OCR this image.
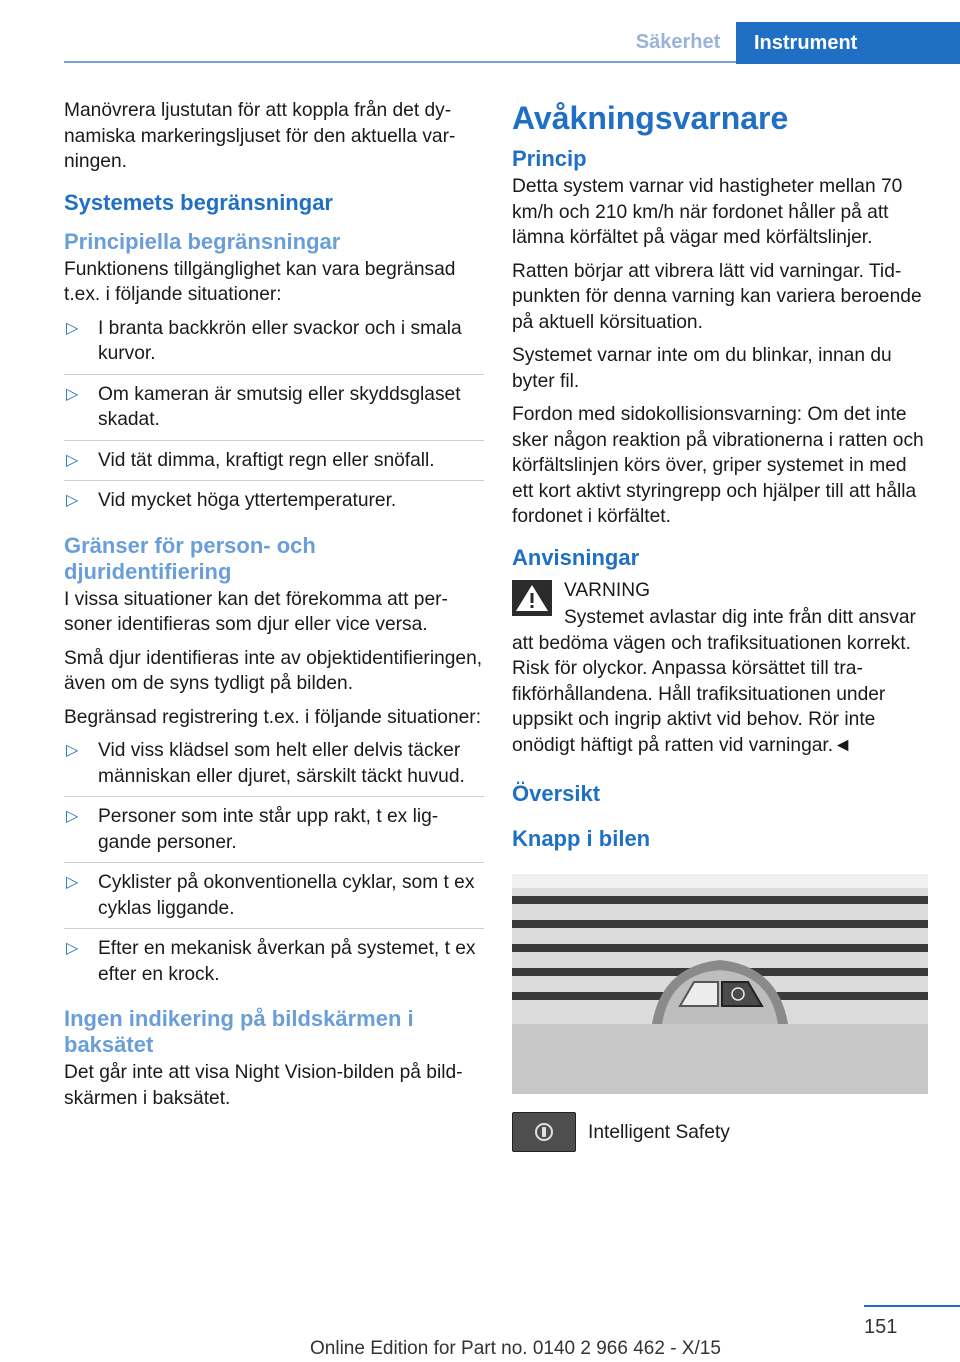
Säkerhet	Instrument

Manövrera ljustutan för att koppla från det dynamiska markeringsljuset för den aktuella varningen.

Systemets begränsningar
Principiella begränsningar

Funktionens tillgänglighet kan vara begränsad t.ex. i följande situationer:

▷ I branta backkrön eller svackor och i smala kurvor.
▷ Om kameran är smutsig eller skyddsglaset skadat.
▷ Vid tät dimma, kraftigt regn eller snöfall.
▷ Vid mycket höga yttertemperaturer.
Gränser för person- och djuridentifiering

I vissa situationer kan det förekomma att personer identifieras som djur eller vice versa.

Små djur identifieras inte av objektidentifieringen, även om de syns tydligt på bilden.

Begränsad registrering t.ex. i följande situationer:

▷ Vid viss klädsel som helt eller delvis täcker människan eller djuret, särskilt täckt huvud.
▷ Personer som inte står upp rakt, t ex liggande personer.
▷ Cyklister på okonventionella cyklar, som t ex cyklas liggande.
▷ Efter en mekanisk åverkan på systemet, t ex efter en krock.
Ingen indikering på bildskärmen i baksätet

Det går inte att visa Night Vision-bilden på bildskärmen i baksätet.

Avåkningsvarnare
Princip

Detta system varnar vid hastigheter mellan 70 km/h och 210 km/h när fordonet håller på att lämna körfältet på vägar med körfältslinjer.

Ratten börjar att vibrera lätt vid varningar. Tidpunkten för denna varning kan variera beroende på aktuell körsituation.

Systemet varnar inte om du blinkar, innan du byter fil.

Fordon med sidokollisionsvarning: Om det inte sker någon reaktion på vibrationerna i ratten och körfältslinjen körs över, griper systemet in med ett kort aktivt styringrepp och hjälper till att hålla fordonet i körfältet.

Anvisningar
VARNING

Systemet avlastar dig inte från ditt ansvar att bedöma vägen och trafiksituationen korrekt. Risk för olyckor. Anpassa körsättet till trafikförhållandena. Håll trafiksituationen under uppsikt och ingrip aktivt vid behov. Rör inte onödigt häftigt på ratten vid varningar.◄

Översikt
Knapp i bilen
Intelligent Safety
151
Online Edition for Part no. 0140 2 966 462 - X/15
